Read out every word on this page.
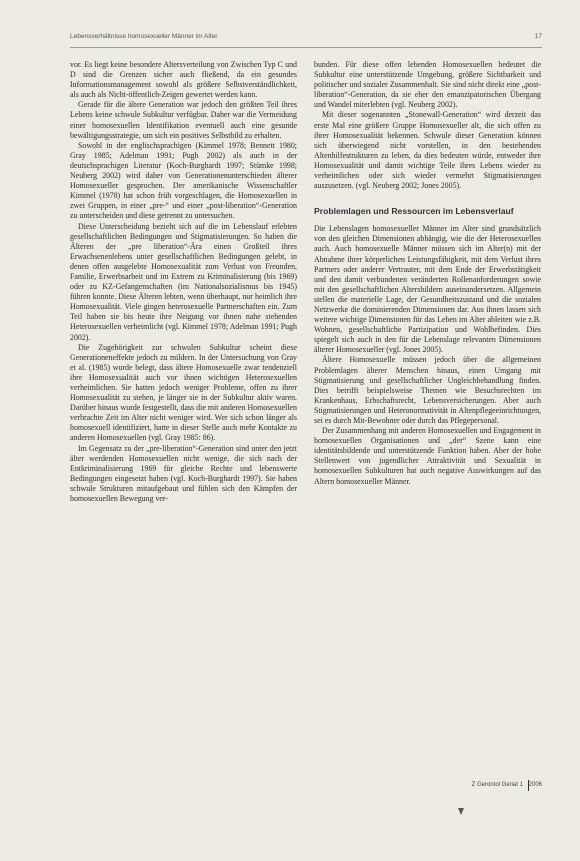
Lebensverhältnisse homosexueller Männer im Alter	17

vor. Es liegt keine besondere Altersverteilung von Zwischen Typ C und D sind die Grenzen sicher auch fließend, da ein gesundes Informationsmanagement sowohl als größere Selbstverständlichkeit, als auch als Nicht-öffentlich-Zeigen gewertet werden kann.

Gerade für die ältere Generation war jedoch den größten Teil ihres Lebens keine schwule Subkultur verfügbar. Daher war die Vermeidung einer homosexuellen Identifikation eventuell auch eine gesunde bewältigungsstrategie, um sich ein positives Selbstbild zu erhalten.

Sowohl in der englischsprachigen (Kimmel 1978; Bennett 1980; Gray 1985; Adelman 1991; Pugh 2002) als auch in der deutschsprachigen Literatur (Koch-Burghardt 1997; Stümke 1998; Neuberg 2002) wird daher von Generationenunterschieden älterer Homosexueller gesprochen. Der amerikanische Wissenschaftler Kimmel (1978) hat schon früh vorgeschlagen, die Homosexuellen in zwei Gruppen, in einer „pre-“ und einer „post-liberation“-Generation zu unterscheiden und diese getrennt zu untersuchen.

Diese Unterscheidung bezieht sich auf die im Lebenslauf erlebten gesellschaftlichen Bedingungen und Stigmatisierungen. So haben die Älteren der „pre liberation“-Ära einen Großteil ihres Erwachsenenlebens unter gesellschaftlichen Bedingungen gelebt, in denen offen ausgelebte Homosexualität zum Verlust von Freunden, Familie, Erwerbsarbeit und im Extrem zu Kriminalisierung (bis 1969) oder zu KZ-Gefangenschaften (im Nationalsozialismus bis 1945) führen konnte. Diese Älteren lebten, wenn überhaupt, nur heimlich ihre Homosexualität. Viele gingen heterosexuelle Partnerschaften ein. Zum Teil haben sie bis heute ihre Neigung vor ihnen nahe stehenden Heterosexuellen verheimlicht (vgl. Kimmel 1978; Adelman 1991; Pugh 2002).

Die Zugehörigkeit zur schwulen Subkultur scheint diese Generationeneffekte jedoch zu mildern. In der Untersuchung von Gray et al. (1985) wurde belegt, dass ältere Homosexuelle zwar tendenziell ihre Homosexualität auch vor ihnen wichtigen Heterosexuellen verheimlichen. Sie hatten jedoch weniger Probleme, offen zu ihrer Homosexualität zu stehen, je länger sie in der Subkultur aktiv waren. Darüber hinaus wurde festgestellt, dass die mit anderen Homosexuellen verbrachte Zeit im Alter nicht weniger wird. Wer sich schon länger als homosexuell identifiziert, hatte in dieser Stelle auch mehr Kontakte zu anderen Homosexuellen (vgl. Gray 1985: 86).

Im Gegensatz zu der „pre-liberation“-Generation sind unter den jetzt älter werdenden Homosexuellen nicht wenige, die sich nach der Entkriminalisierung 1969 für gleiche Rechte und lebenswerte Bedingungen eingesetzt haben (vgl. Koch-Burghardt 1997). Sie haben schwule Strukturen mitaufgebaut und fühlen sich den Kämpfen der homosexuellen Bewegung ver-

bunden. Für diese offen lebenden Homosexuellen bedeutet die Subkultur eine unterstützende Umgebung, größere Sichtbarkeit und politischer und sozialer Zusammenhalt. Sie sind nicht direkt eine „post-liberation“-Generation, da sie eher den emanzipatorischen Übergang und Wandel miterlebten (vgl. Neuberg 2002).

Mit dieser sogenannten „Stonewall-Generation“ wird derzeit das erste Mal eine größere Gruppe Homosexueller alt, die sich offen zu ihrer Homosexualität bekennen. Schwule dieser Generation können sich überwiegend nicht vorstellen, in den bestehenden Altenhilfestrukturen zu leben, da dies bedeuten würde, entweder ihre Homosexualität und damit wichtige Teile ihres Lebens wieder zu verheimlichen oder sich wieder vermehrt Stigmatisierungen auszusetzen. (vgl. Neuberg 2002; Jones 2005).

Problemlagen und Ressourcen im Lebensverlauf

Die Lebenslagen homosexueller Männer im Alter sind grundsätzlich von den gleichen Dimensionen abhängig, wie die der Heterosexuellen auch. Auch homosexuelle Männer müssen sich im Alter(n) mit der Abnahme ihrer körperlichen Leistungsfähigkeit, mit dem Verlust ihres Partners oder anderer Vertrauter, mit dem Ende der Erwerbstätigkeit und den damit verbundenen veränderten Rollenanforderungen sowie mit den gesellschaftlichen Altersbildern auseinandersetzen. Allgemein stellen die materielle Lage, der Gesundheitszustand und die sozialen Netzwerke die dominierenden Dimensionen dar. Aus ihnen lassen sich weitere wichtige Dimensionen für das Leben im Alter ableiten wie z.B. Wohnen, gesellschaftliche Partizipation und Wohlbefinden. Dies spiegelt sich auch in den für die Lebenslage relevanten Dimensionen älterer Homosexueller (vgl. Jones 2005).

Ältere Homosexuelle müssen jedoch über die allgemeinen Problemlagen älterer Menschen hinaus, einen Umgang mit Stigmatisierung und gesellschaftlicher Ungleichbehandlung finden. Dies betrifft beispielsweise Themen wie Besuchsrechten im Krankenhaus, Erbschaftsrecht, Lebensversicherungen. Aber auch Stigmatisierungen und Heteronormativität in Altenpflegeeinrichtungen, sei es durch Mit-Bewohner oder durch das Pflegepersonal.

Der Zusammenhang mit anderen Homosexuellen und Engagement in homosexuellen Organisationen und „der“ Szene kann eine identitätsbildende und unterstützende Funktion haben. Aber der hohe Stellenwert von jugendlicher Attraktivität und Sexualität in homosexuellen Subkulturen hat auch negative Auswirkungen auf das Altern homosexueller Männer.

Z Gerontol Geriat 1 2006
